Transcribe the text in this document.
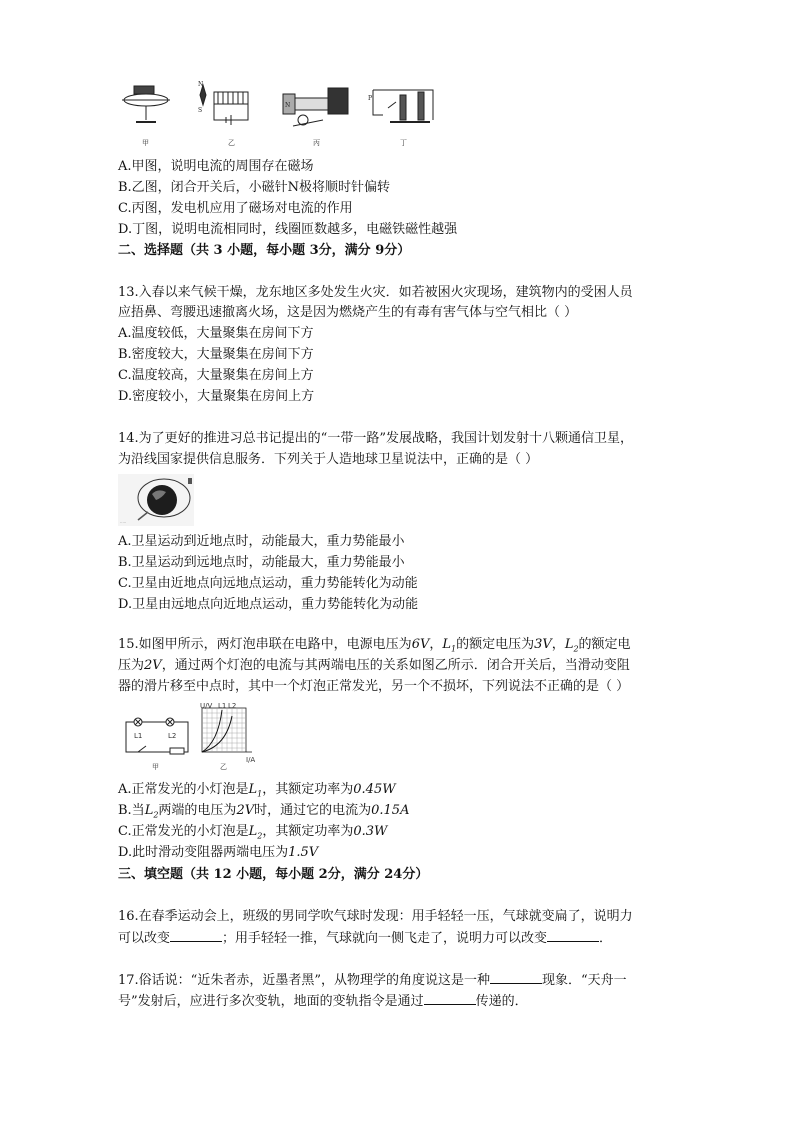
N
S
N
P
甲	乙	丙	丁
A.甲图，说明电流的周围存在磁场
B.乙图，闭合开关后，小磁针N极将顺时针偏转
C.丙图，发电机应用了磁场对电流的作用
D.丁图，说明电流相同时，线圈匝数越多，电磁铁磁性越强
二、选择题（共 3 小题，每小题 3分，满分 9分）
13.入春以来气候干燥，龙东地区多处发生火灾．如若被困火灾现场，建筑物内的受困人员
应捂鼻、弯腰迅速撤离火场，这是因为燃烧产生的有毒有害气体与空气相比（ ）
A.温度较低，大量聚集在房间下方
B.密度较大，大量聚集在房间下方
C.温度较高，大量聚集在房间上方
D.密度较小，大量聚集在房间上方
14.为了更好的推进习总书记提出的“一带一路”发展战略，我国计划发射十八颗通信卫星，
为沿线国家提供信息服务．下列关于人造地球卫星说法中，正确的是（ ）
·····
A.卫星运动到近地点时，动能最大，重力势能最小
B.卫星运动到远地点时，动能最大，重力势能最小
C.卫星由近地点向远地点运动，重力势能转化为动能
D.卫星由远地点向近地点运动，重力势能转化为动能
15.如图甲所示，两灯泡串联在电路中，电源电压为6V，$L_1$的额定电压为3V，$L_2$的额定电
压为2V，通过两个灯泡的电流与其两端电压的关系如图乙所示．闭合开关后，当滑动变阻
器的滑片移至中点时，其中一个灯泡正常发光，另一个不损坏，下列说法不正确的是（ ）
L1	L2
甲
U/V L1 L2
乙
I/A
A.正常发光的小灯泡是$L_1$，其额定功率为0.45W
B.当$L_2$两端的电压为2V时，通过它的电流为0.15A
C.正常发光的小灯泡是$L_2$，其额定功率为0.3W
D.此时滑动变阻器两端电压为1.5V
三、填空题（共 12 小题，每小题 2分，满分 24分）
16.在春季运动会上，班级的男同学吹气球时发现：用手轻轻一压，气球就变扁了，说明力
可以改变	；用手轻轻一推，气球就向一侧飞走了，说明力可以改变	．
17.俗话说：“近朱者赤，近墨者黑”，从物理学的角度说这是一种	现象．“天舟一
号”发射后，应进行多次变轨，地面的变轨指令是通过	传递的．
